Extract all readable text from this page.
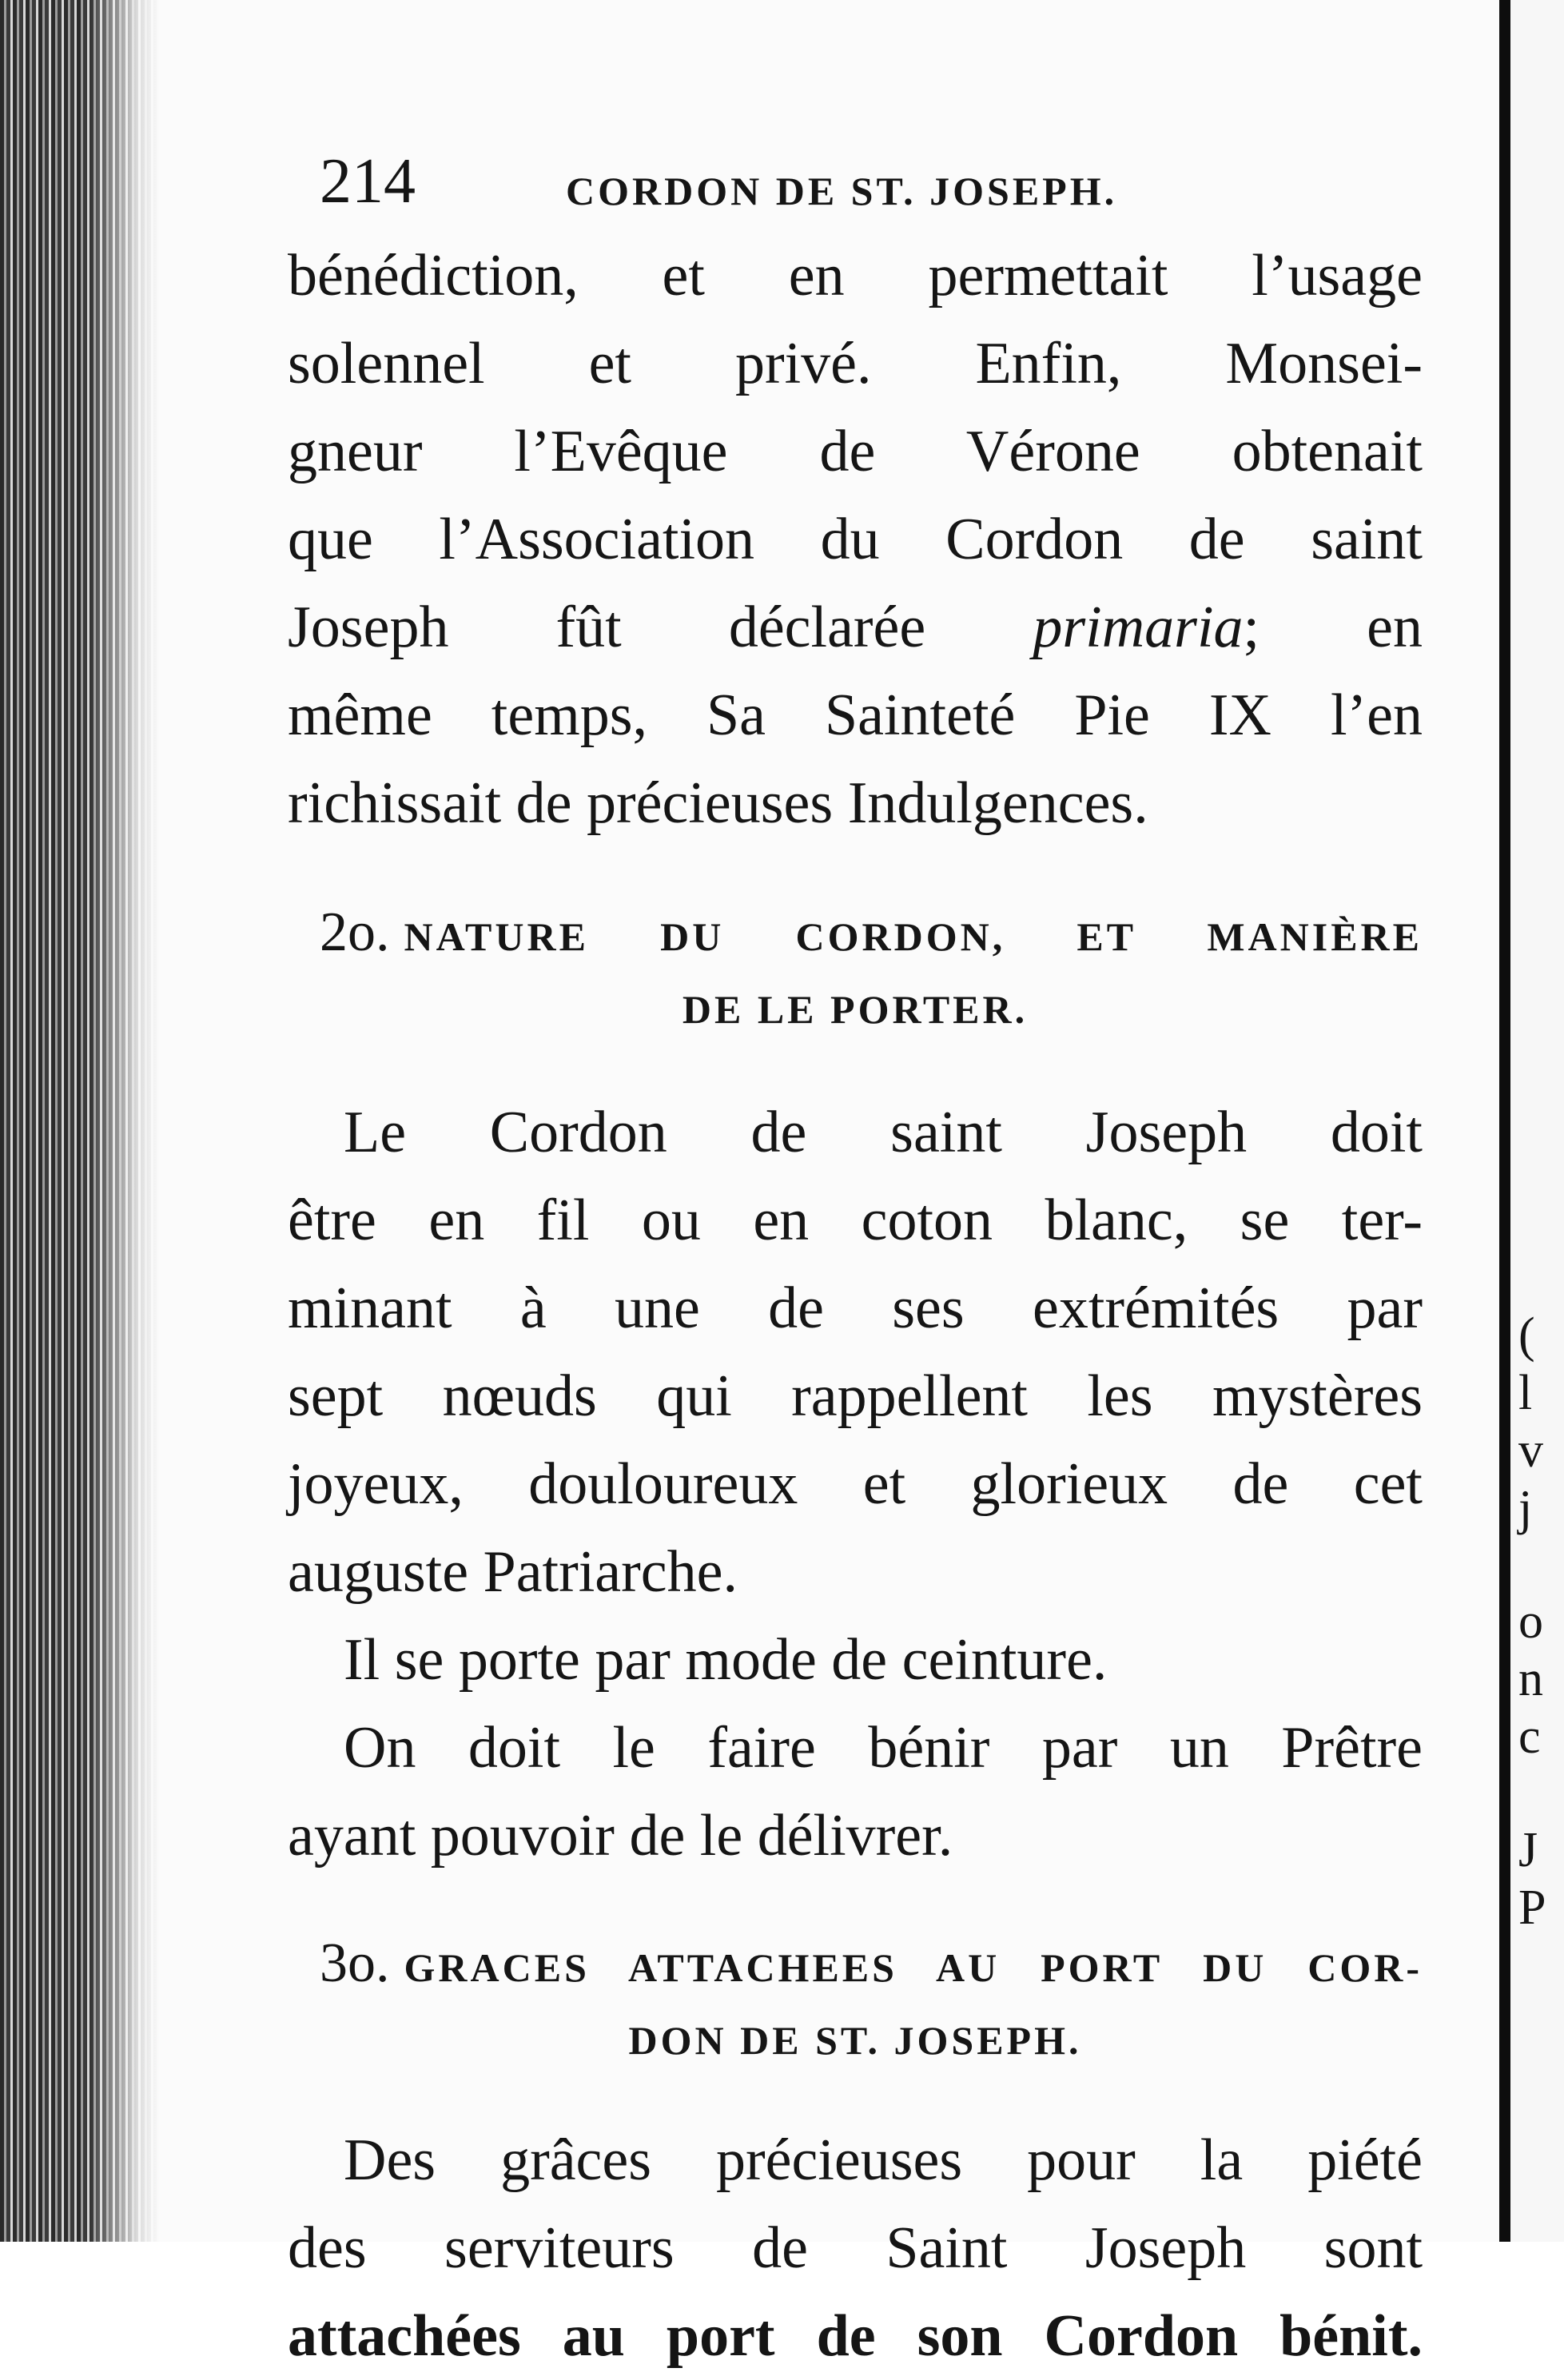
(
l
v
j
o
n
c
J
P
214	CORDON DE ST. JOSEPH.

bénédiction, et en permettait l’usage
solennel et privé. Enfin, Monsei-
gneur l’Evêque de Vérone obtenait
que l’Association du Cordon de saint
Joseph fût déclarée primaria; en
même temps, Sa Sainteté Pie IX l’en
richissait de précieuses Indulgences.

2o. NATURE DU CORDON, ET MANIÈRE
DE LE PORTER.

Le Cordon de saint Joseph doit
être en fil ou en coton blanc, se ter-
minant à une de ses extrémités par
sept nœuds qui rappellent les mystères
joyeux, douloureux et glorieux de cet
auguste Patriarche.
Il se porte par mode de ceinture.
On doit le faire bénir par un Prêtre
ayant pouvoir de le délivrer.

3o. GRACES ATTACHEES AU PORT DU COR-
DON DE ST. JOSEPH.

Des grâces précieuses pour la piété
des serviteurs de Saint Joseph sont
attachées au port de son Cordon bénit.
